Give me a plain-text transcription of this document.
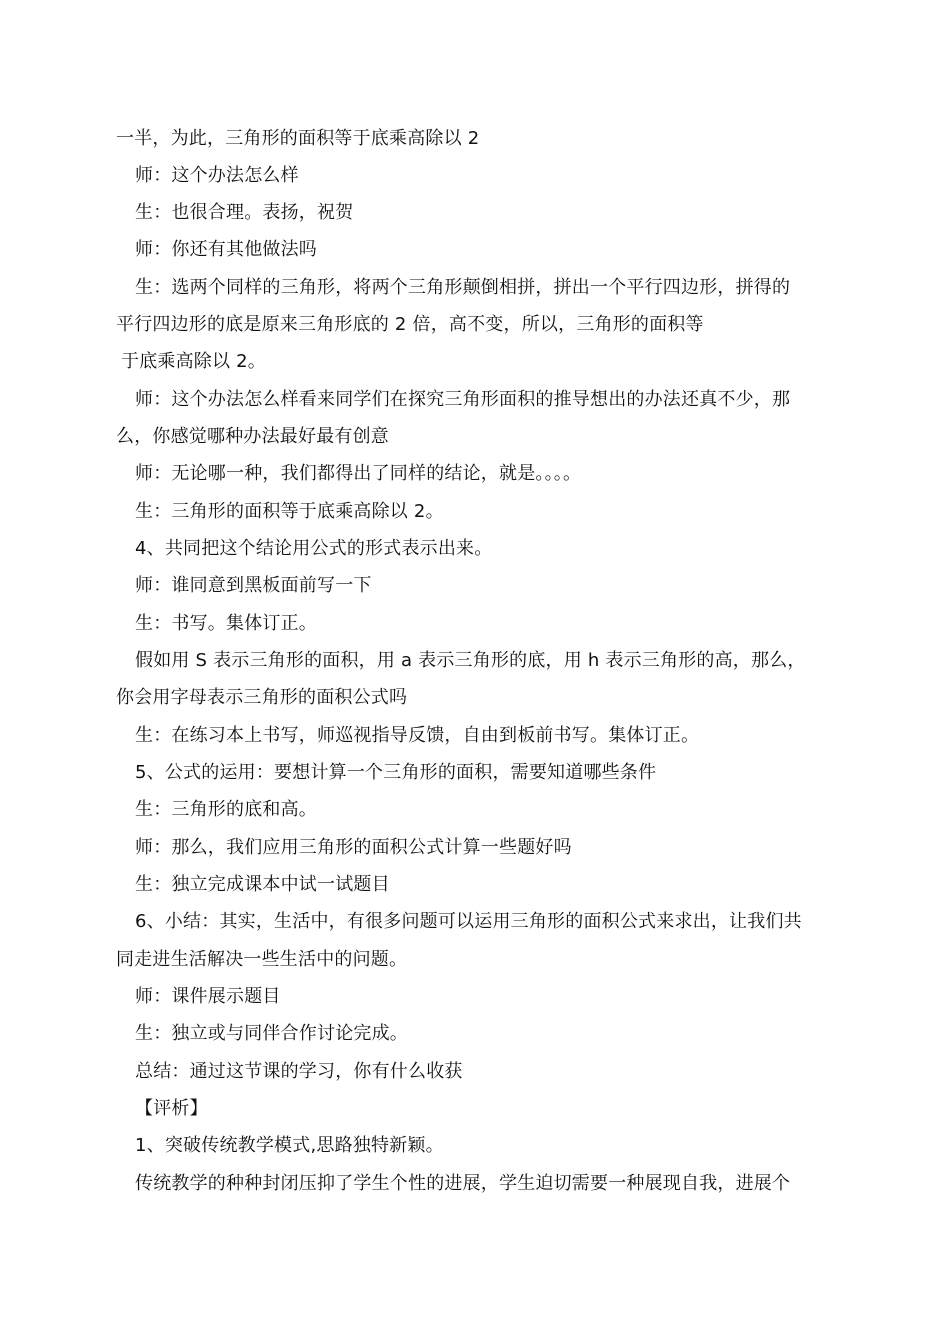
一半，为此，三角形的面积等于底乘高除以 2
师：这个办法怎么样
生：也很合理。表扬，祝贺
师：你还有其他做法吗
生：选两个同样的三角形，将两个三角形颠倒相拼，拼出一个平行四边形，拼得的
平行四边形的底是原来三角形底的 2 倍，高不变，所以，三角形的面积等
于底乘高除以 2。
师：这个办法怎么样看来同学们在探究三角形面积的推导想出的办法还真不少，那
么，你感觉哪种办法最好最有创意
师：无论哪一种，我们都得出了同样的结论，就是。。。。
生：三角形的面积等于底乘高除以 2。
4、共同把这个结论用公式的形式表示出来。
师：谁同意到黑板面前写一下
生：书写。集体订正。
假如用 S 表示三角形的面积，用 a 表示三角形的底，用 h 表示三角形的高，那么，
你会用字母表示三角形的面积公式吗
生：在练习本上书写，师巡视指导反馈，自由到板前书写。集体订正。
5、公式的运用：要想计算一个三角形的面积，需要知道哪些条件
生：三角形的底和高。
师：那么，我们应用三角形的面积公式计算一些题好吗
生：独立完成课本中试一试题目
6、小结：其实，生活中，有很多问题可以运用三角形的面积公式来求出，让我们共
同走进生活解决一些生活中的问题。
师：课件展示题目
生：独立或与同伴合作讨论完成。
总结：通过这节课的学习，你有什么收获
【评析】
1、突破传统教学模式,思路独特新颖。
传统教学的种种封闭压抑了学生个性的进展，学生迫切需要一种展现自我，进展个
